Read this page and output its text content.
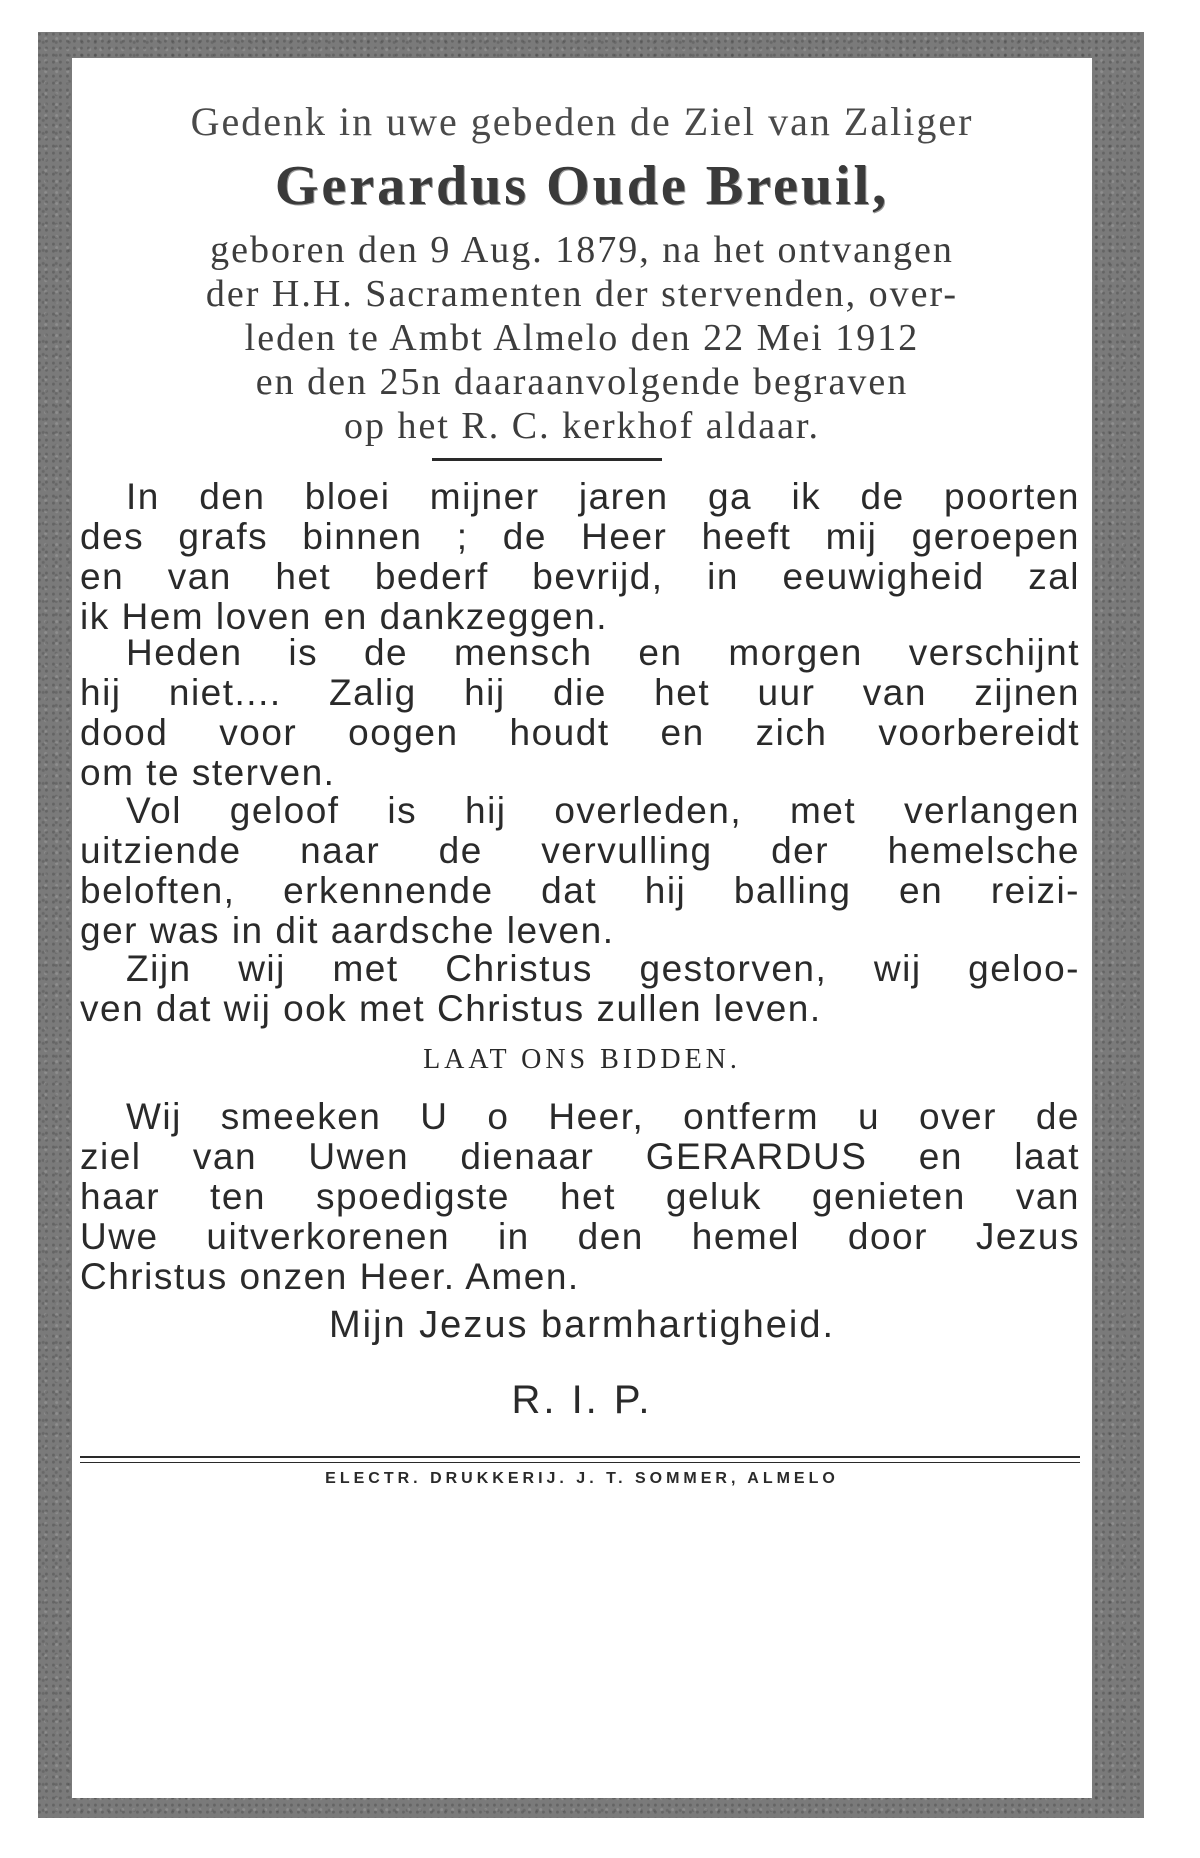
Gedenk in uwe gebeden de Ziel van Zaliger
Gerardus Oude Breuil,
geboren den 9 Aug. 1879, na het ontvangen
der H.H. Sacramenten der stervenden, over-
leden te Ambt Almelo den 22 Mei 1912
en den 25n daaraanvolgende begraven
op het R. C. kerkhof aldaar.
In den bloei mijner jaren ga ik de poorten
des grafs binnen ; de Heer heeft mij geroepen
en van het bederf bevrijd, in eeuwigheid zal
ik Hem loven en dankzeggen.
Heden is de mensch en morgen verschijnt
hij niet.... Zalig hij die het uur van zijnen
dood voor oogen houdt en zich voorbereidt
om te sterven.
Vol geloof is hij overleden, met verlangen
uitziende naar de vervulling der hemelsche
beloften, erkennende dat hij balling en reizi-
ger was in dit aardsche leven.
Zijn wij met Christus gestorven, wij geloo-
ven dat wij ook met Christus zullen leven.
LAAT ONS BIDDEN.
Wij smeeken U o Heer, ontferm u over de
ziel van Uwen dienaar GERARDUS en laat
haar ten spoedigste het geluk genieten van
Uwe uitverkorenen in den hemel door Jezus
Christus onzen Heer. Amen.
Mijn Jezus barmhartigheid.
R. I. P.
ELECTR. DRUKKERIJ. J. T. SOMMER, ALMELO
